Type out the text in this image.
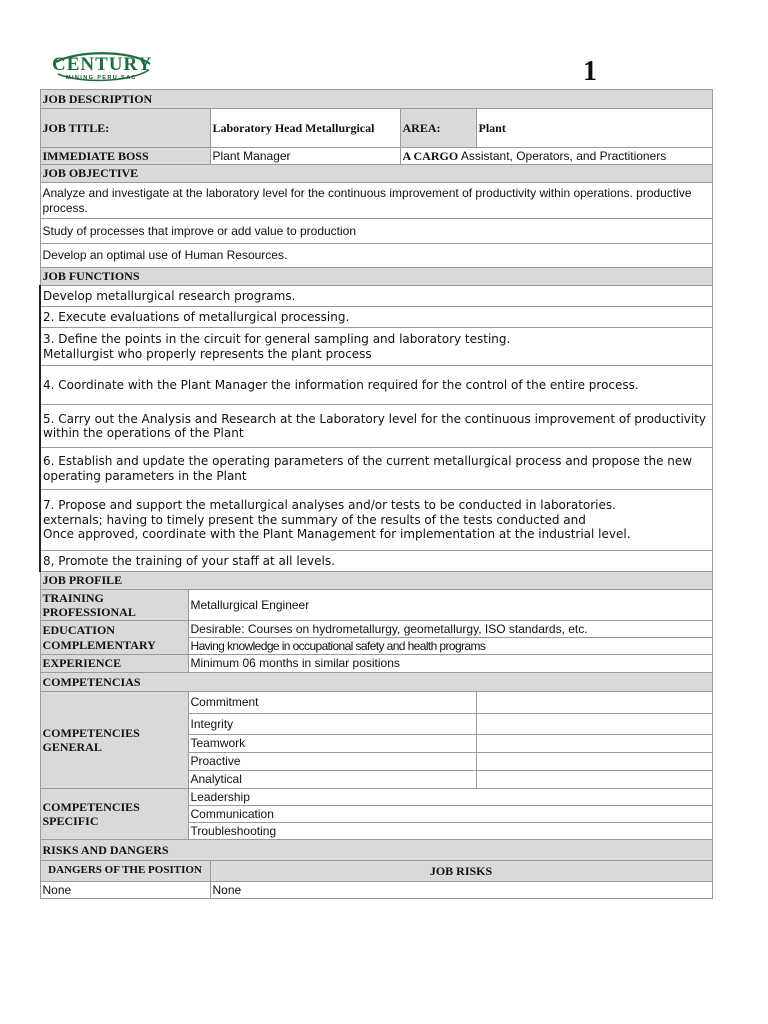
CENTURY
MINING PERU SAC	1
JOB DESCRIPTION				
JOB TITLE:		Laboratory Head Metallurgical	AREA:	Plant
IMMEDIATE BOSS		Plant Manager	A CARGO Assistant, Operators, and Practitioners	
JOB OBJECTIVE				
Analyze and investigate at the laboratory level for the continuous improvement of productivity within operations. productive process.				
Study of processes that improve or add value to production				
Develop an optimal use of Human Resources.				
JOB FUNCTIONS				
Develop metallurgical research programs.				
2. Execute evaluations of metallurgical processing.				
3. Define the points in the circuit for general sampling and laboratory testing.
Metallurgist who properly represents the plant process				
4. Coordinate with the Plant Manager the information required for the control of the entire process.				
5. Carry out the Analysis and Research at the Laboratory level for the continuous improvement of productivity within the operations of the Plant				
6. Establish and update the operating parameters of the current metallurgical process and propose the new operating parameters in the Plant				
7. Propose and support the metallurgical analyses and/or tests to be conducted in laboratories.
externals; having to timely present the summary of the results of the tests conducted and
Once approved, coordinate with the Plant Management for implementation at the industrial level.				
8, Promote the training of your staff at all levels.				
JOB PROFILE				
TRAINING PROFESSIONAL	Metallurgical Engineer			
EDUCATION COMPLEMENTARY	Desirable: Courses on hydrometallurgy, geometallurgy, ISO standards, etc.			
	Having knowledge in occupational safety and health programs			
EXPERIENCE	Minimum 06 months in similar positions			
COMPETENCIAS				
COMPETENCIES GENERAL	Commitment			
	Integrity			
	Teamwork			
	Proactive			
	Analytical			
COMPETENCIES SPECIFIC	Leadership			
	Communication			
	Troubleshooting			
RISKS AND DANGERS				
DANGERS OF THE POSITION		JOB RISKS		
None		None		
